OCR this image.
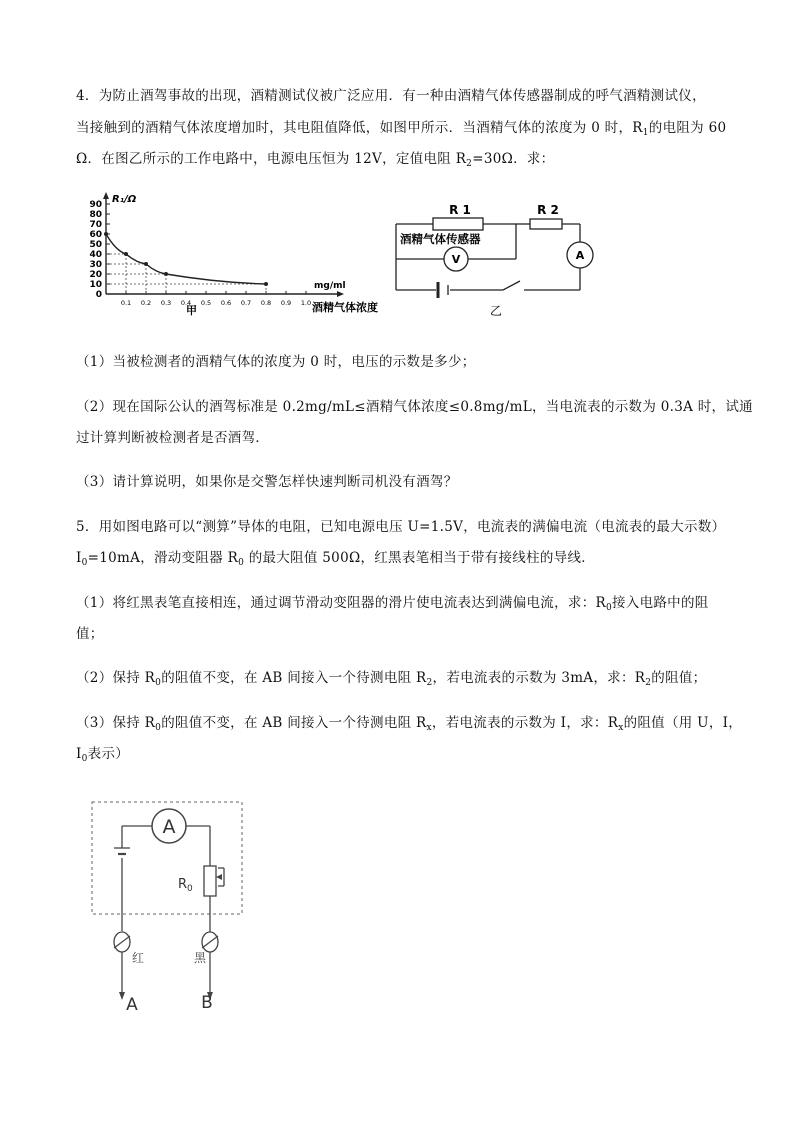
4．为防止酒驾事故的出现，酒精测试仪被广泛应用．有一种由酒精气体传感器制成的呼气酒精测试仪，
当接触到的酒精气体浓度增加时，其电阻值降低，如图甲所示．当酒精气体的浓度为 0 时，$R_1$的电阻为 60
Ω．在图乙所示的工作电路中，电源电压恒为 12V，定值电阻 $R_2=30\Omega$．求：
0
10
20
30
40
50
60
70
80
90
0.1 0.2 0.3 0.4 0.5 0.6 0.7 0.8 0.9 1.0
R₁/Ω
mg/ml
酒精气体浓度
甲
V	A
R 1	R 2
酒精气体传感器
乙
（1）当被检测者的酒精气体的浓度为 0 时，电压的示数是多少；
（2）现在国际公认的酒驾标准是 0.2mg/mL≤酒精气体浓度≤0.8mg/mL，当电流表的示数为 0.3A 时，试通
过计算判断被检测者是否酒驾．
（3）请计算说明，如果你是交警怎样快速判断司机没有酒驾？
5．用如图电路可以“测算”导体的电阻，已知电源电压 U=1.5V，电流表的满偏电流（电流表的最大示数）
$I_0=10mA$，滑动变阻器 $R_0$ 的最大阻值 500Ω，红黑表笔相当于带有接线柱的导线．
（1）将红黑表笔直接相连，通过调节滑动变阻器的滑片使电流表达到满偏电流，求：$R_0$接入电路中的阻
值；
（2）保持 $R_0$的阻值不变，在 AB 间接入一个待测电阻 $R_2$，若电流表的示数为 3mA，求：$R_2$的阻值；
（3）保持 $R_0$的阻值不变，在 AB 间接入一个待测电阻 $R_x$，若电流表的示数为 I，求：$R_x$的阻值（用 U，I，
$I_0$表示）
A
$R_0$
红	黑
A	B
